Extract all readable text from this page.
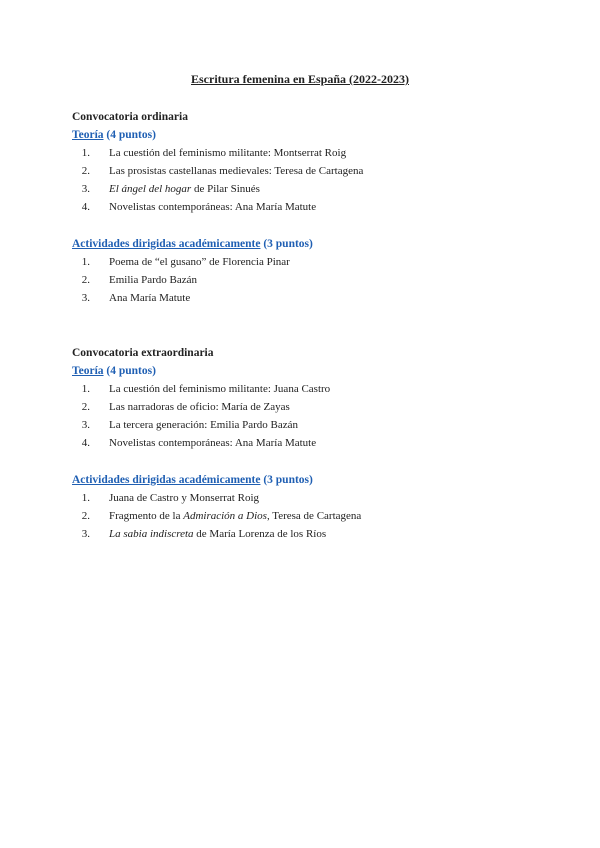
Escritura femenina en España (2022-2023)
Convocatoria ordinaria
Teoría (4 puntos)
1. La cuestión del feminismo militante: Montserrat Roig
2. Las prosistas castellanas medievales: Teresa de Cartagena
3. El ángel del hogar de Pilar Sinués
4. Novelistas contemporáneas: Ana María Matute
Actividades dirigidas académicamente (3 puntos)
1. Poema de “el gusano” de Florencia Pinar
2. Emilia Pardo Bazán
3. Ana María Matute
Convocatoria extraordinaria
Teoría (4 puntos)
1. La cuestión del feminismo militante: Juana Castro
2. Las narradoras de oficio: María de Zayas
3. La tercera generación: Emilia Pardo Bazán
4. Novelistas contemporáneas: Ana María Matute
Actividades dirigidas académicamente (3 puntos)
1. Juana de Castro y Monserrat Roig
2. Fragmento de la Admiración a Dios, Teresa de Cartagena
3. La sabia indiscreta de María Lorenza de los Ríos
